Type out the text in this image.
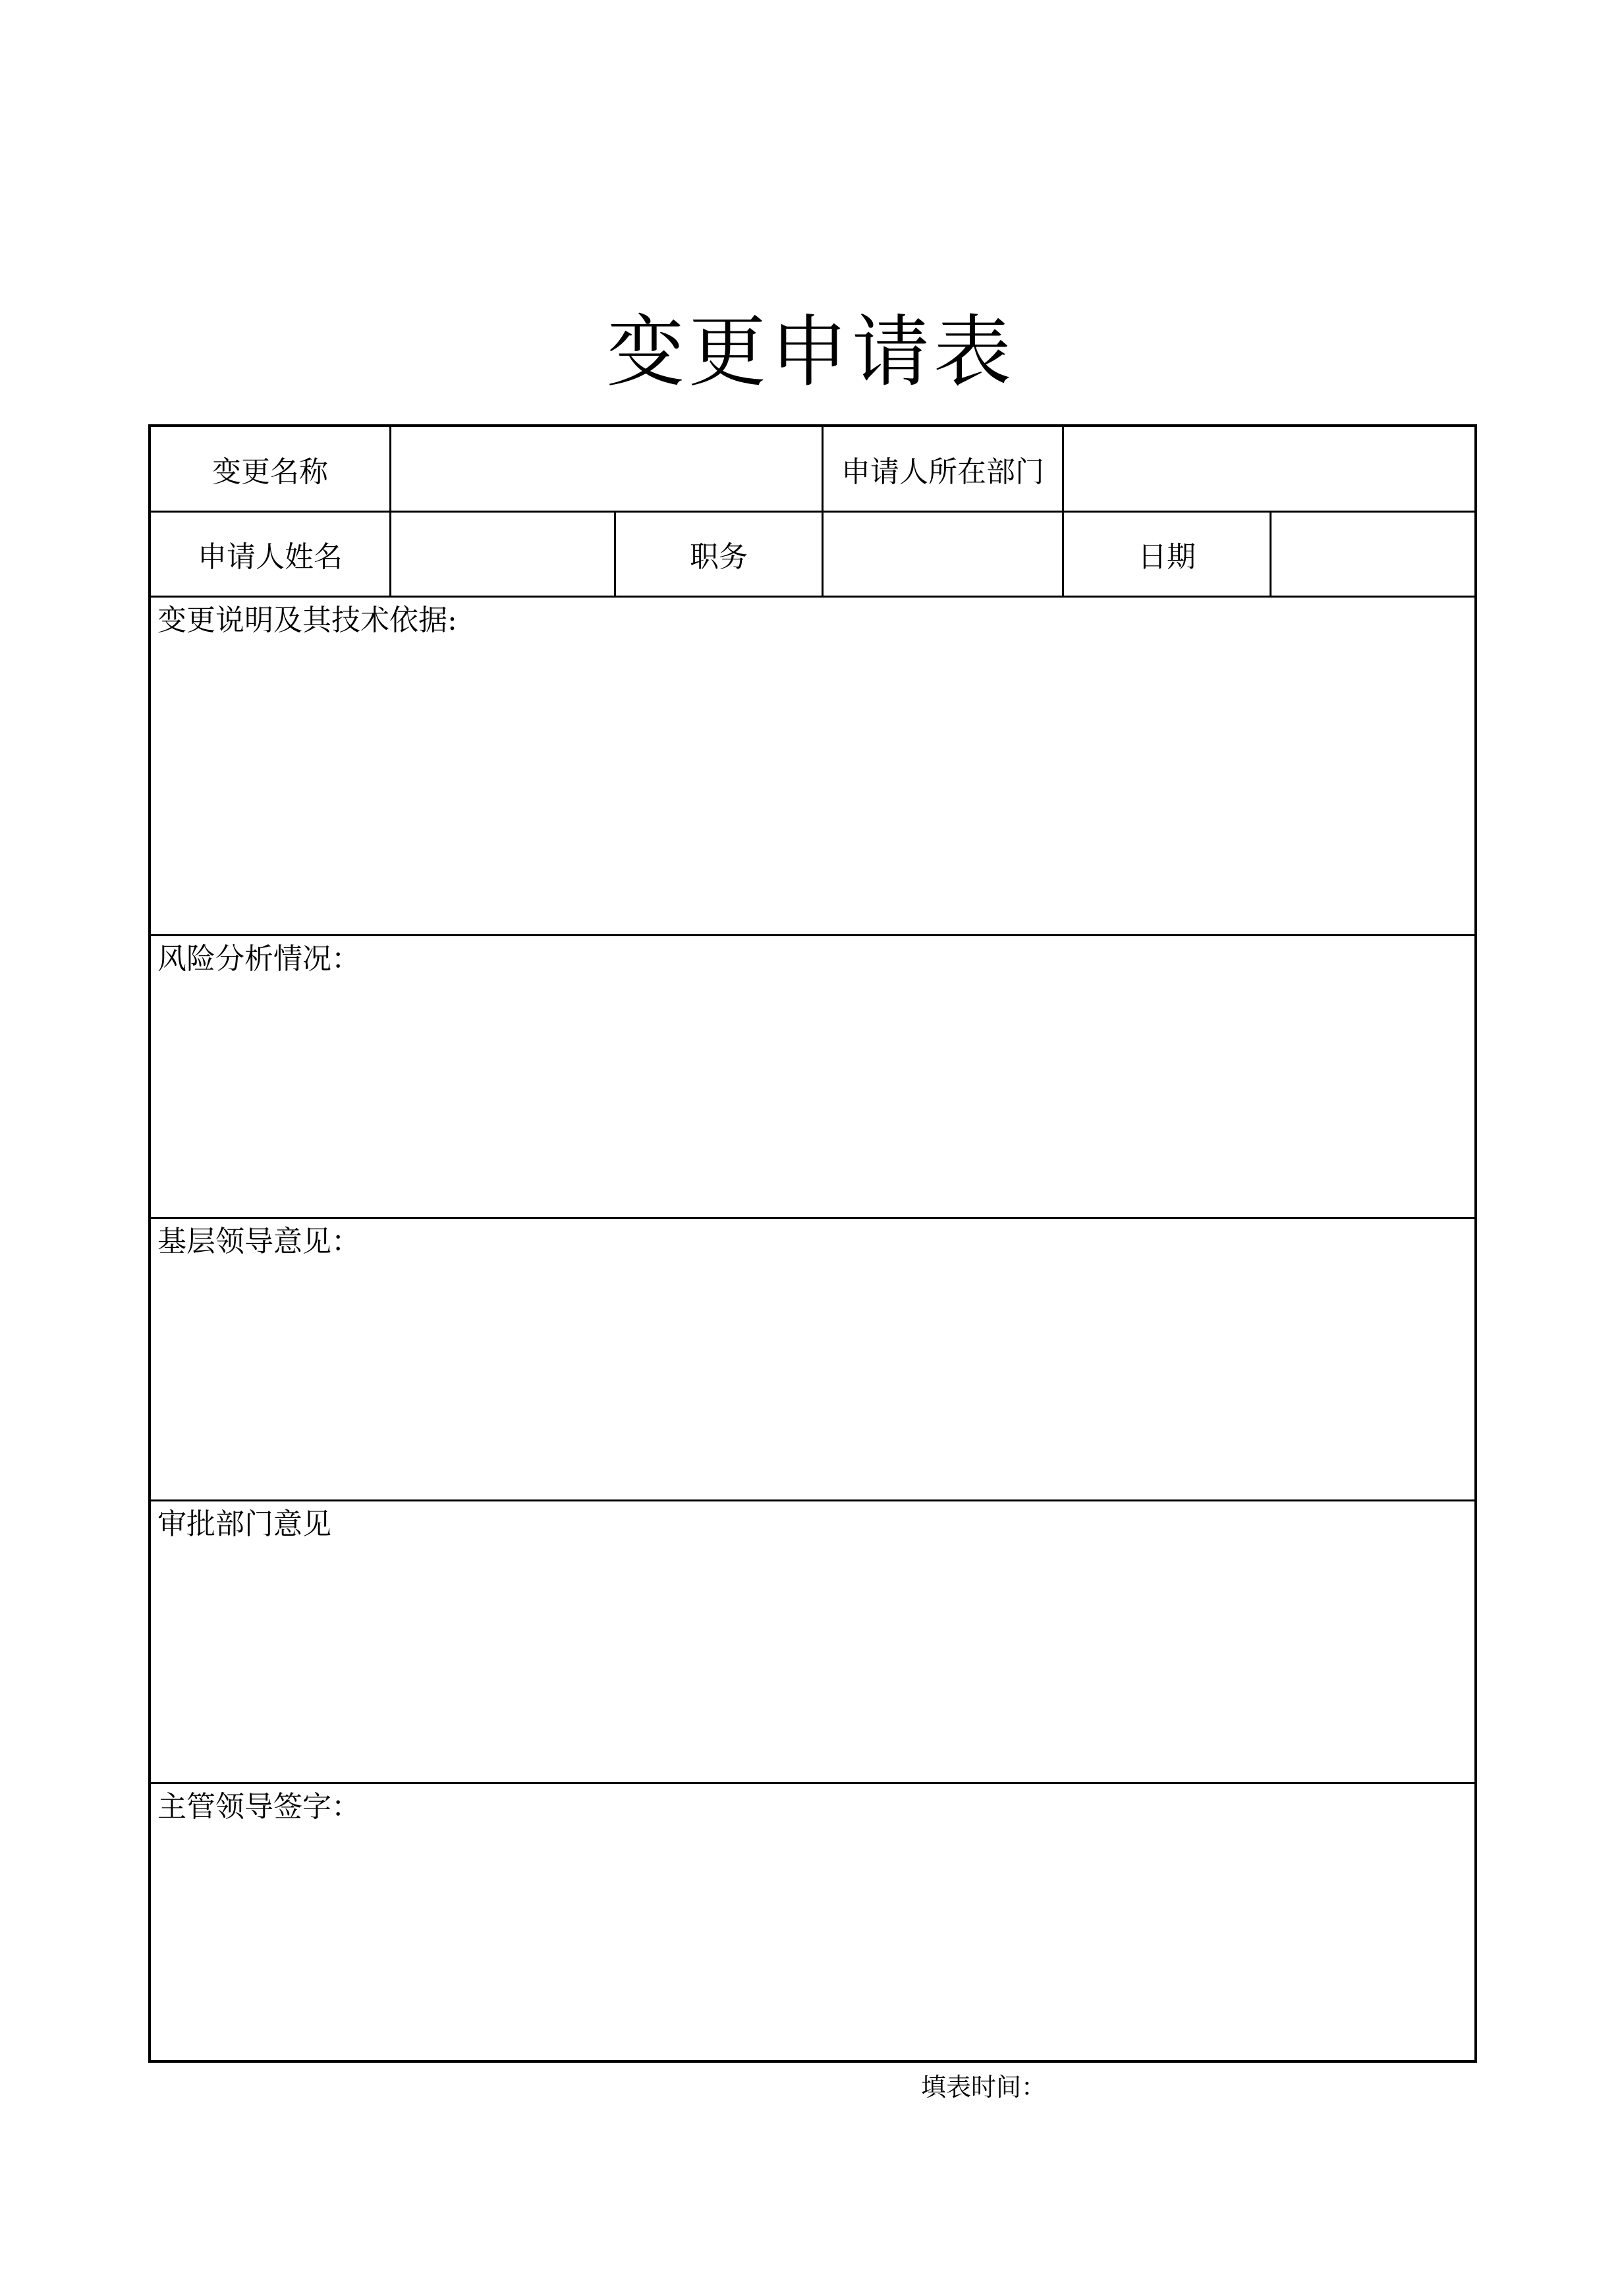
变更申请表
变更名称	申请人所在部门
申请人姓名	职务	日期
变更说明及其技术依据:
风险分析情况：
基层领导意见：
审批部门意见
主管领导签字：
填表时间：
